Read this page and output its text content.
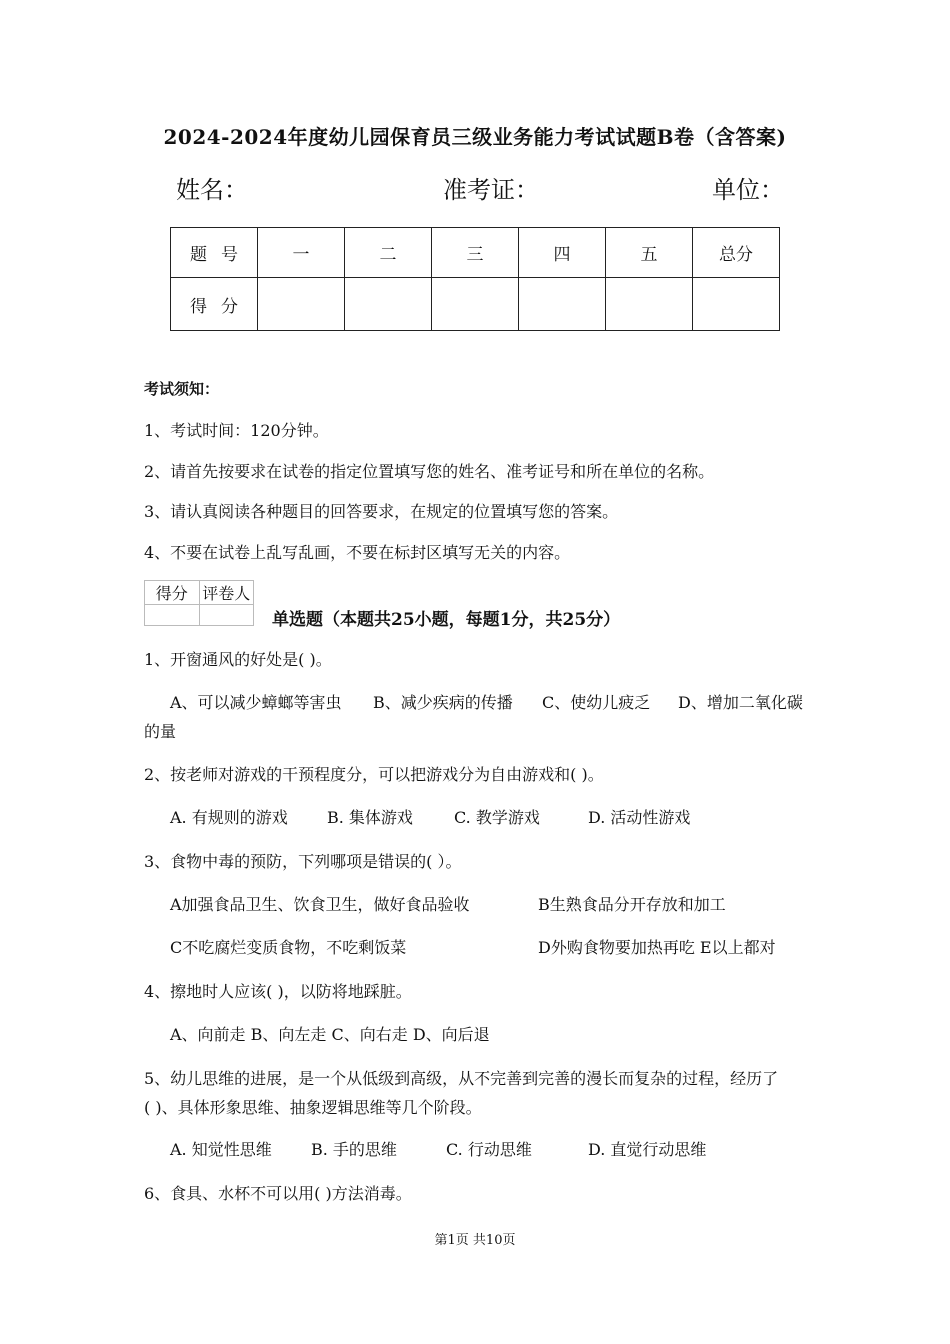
2024-2024年度幼儿园保育员三级业务能力考试试题B卷（含答案)
姓名：	准考证：	单位：
题号	一	二	三	四	五	总分
得分						
考试须知：
1、考试时间：120分钟。
2、请首先按要求在试卷的指定位置填写您的姓名、准考证号和所在单位的名称。
3、请认真阅读各种题目的回答要求，在规定的位置填写您的答案。
4、不要在试卷上乱写乱画，不要在标封区填写无关的内容。
得分	评卷人

单选题（本题共25小题，每题1分，共25分）
1、开窗通风的好处是( )。
A、可以减少蟑螂等害虫 B、减少疾病的传播 C、使幼儿疲乏 D、增加二氧化碳
的量
2、按老师对游戏的干预程度分，可以把游戏分为自由游戏和( )。
A. 有规则的游戏 B. 集体游戏	C. 教学游戏	D. 活动性游戏
3、食物中毒的预防，下列哪项是错误的( ）。
A加强食品卫生、饮食卫生，做好食品验收	B生熟食品分开存放和加工
C不吃腐烂变质食物，不吃剩饭菜	D外购食物要加热再吃 E以上都对
4、擦地时人应该( )，以防将地踩脏。
A、向前走 B、向左走 C、向右走 D、向后退
5、幼儿思维的进展，是一个从低级到高级，从不完善到完善的漫长而复杂的过程，经历了
( )、具体形象思维、抽象逻辑思维等几个阶段。
A. 知觉性思维 B. 手的思维	C. 行动思维	D. 直觉行动思维
6、食具、水杯不可以用( )方法消毒。
第1页 共10页
